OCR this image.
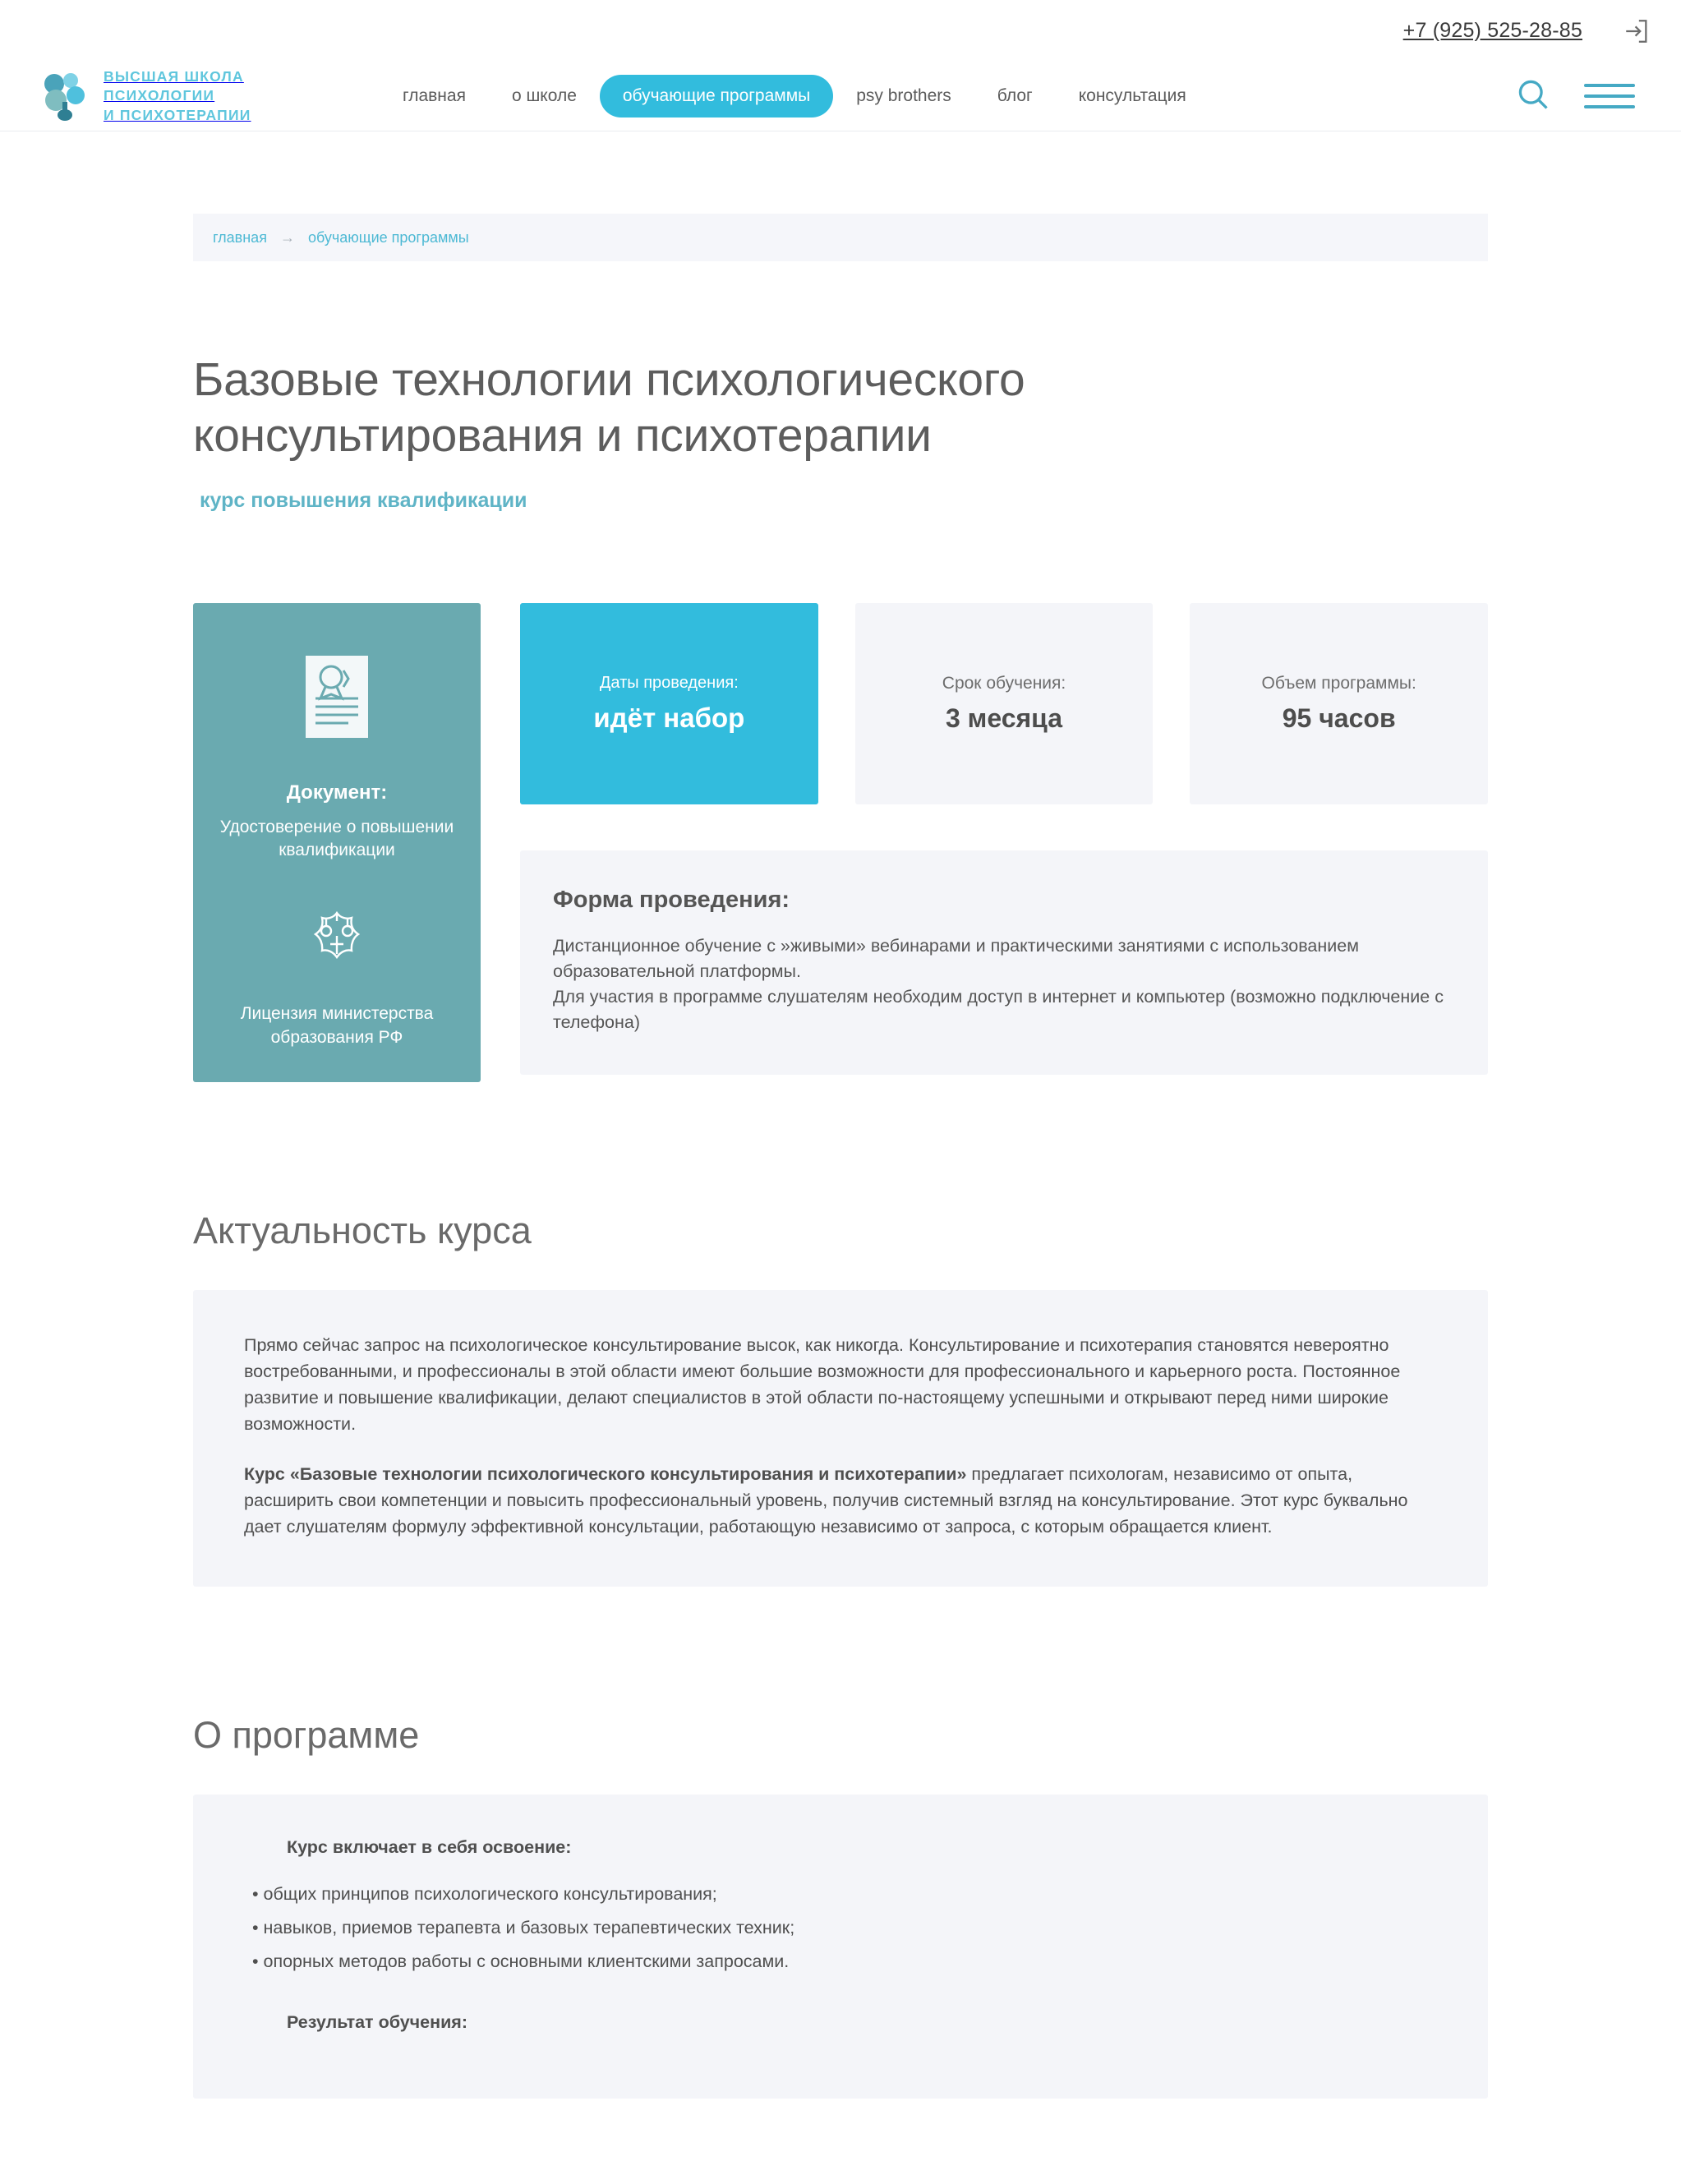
+7 (925) 525-28-85
ВЫСШАЯ ШКОЛА
ПСИХОЛОГИИ
И ПСИХОТЕРАПИИ
главная	о школе	обучающие программы	psy brothers	блог	консультация
главная → обучающие программы
Базовые технологии психологического консультирования и психотерапии
курс повышения квалификации
Документ:
Удостоверение о повышении квалификации
Лицензия министерства образования РФ
Даты проведения:
идёт набор
Срок обучения:
3 месяца
Объем программы:
95 часов
Форма проведения:

Дистанционное обучение с »живыми» вебинарами и практическими занятиями с использованием образовательной платформы.

Для участия в программе слушателям необходим доступ в интернет и компьютер (возможно подключение с телефона)

Актуальность курса

Прямо сейчас запрос на психологическое консультирование высок, как никогда. Консультирование и психотерапия становятся невероятно востребованными, и профессионалы в этой области имеют большие возможности для профессионального и карьерного роста. Постоянное развитие и повышение квалификации, делают специалистов в этой области по-настоящему успешными и открывают перед ними широкие возможности.

Курс «Базовые технологии психологического консультирования и психотерапии» предлагает психологам, независимо от опыта, расширить свои компетенции и повысить профессиональный уровень, получив системный взгляд на консультирование. Этот курс буквально дает слушателям формулу эффективной консультации, работающую независимо от запроса, с которым обращается клиент.

О программе
Курс включает в себя освоение:
• общих принципов психологического консультирования;
• навыков, приемов терапевта и базовых терапевтических техник;
• опорных методов работы с основными клиентскими запросами.
Результат обучения:
